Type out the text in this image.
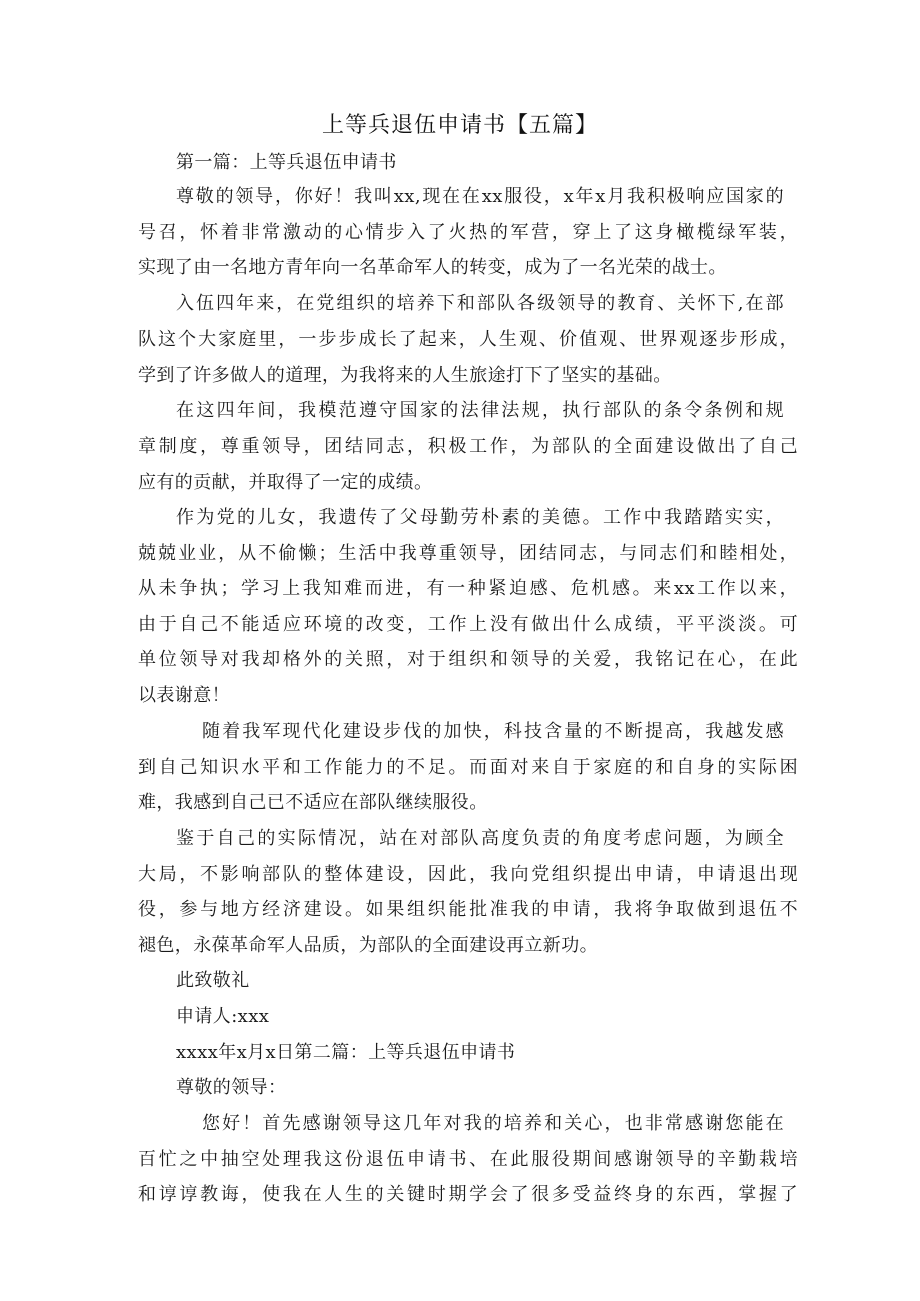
上等兵退伍申请书【五篇】
第一篇：上等兵退伍申请书
尊敬的领导，你好！我叫xx,现在在xx服役，x年x月我积极响应国家的
号召，怀着非常激动的心情步入了火热的军营，穿上了这身橄榄绿军装，
实现了由一名地方青年向一名革命军人的转变，成为了一名光荣的战士。
入伍四年来，在党组织的培养下和部队各级领导的教育、关怀下,在部
队这个大家庭里，一步步成长了起来，人生观、价值观、世界观逐步形成，
学到了许多做人的道理，为我将来的人生旅途打下了坚实的基础。
在这四年间，我模范遵守国家的法律法规，执行部队的条令条例和规
章制度，尊重领导，团结同志，积极工作，为部队的全面建设做出了自己
应有的贡献，并取得了一定的成绩。
作为党的儿女，我遗传了父母勤劳朴素的美德。工作中我踏踏实实，
兢兢业业，从不偷懒；生活中我尊重领导，团结同志，与同志们和睦相处，
从未争执；学习上我知难而进，有一种紧迫感、危机感。来xx工作以来，
由于自己不能适应环境的改变，工作上没有做出什么成绩，平平淡淡。可
单位领导对我却格外的关照，对于组织和领导的关爱，我铭记在心，在此
以表谢意！
随着我军现代化建设步伐的加快，科技含量的不断提高，我越发感
到自己知识水平和工作能力的不足。而面对来自于家庭的和自身的实际困
难，我感到自己已不适应在部队继续服役。
鉴于自己的实际情况，站在对部队高度负责的角度考虑问题，为顾全
大局，不影响部队的整体建设，因此，我向党组织提出申请，申请退出现
役，参与地方经济建设。如果组织能批准我的申请，我将争取做到退伍不
褪色，永葆革命军人品质，为部队的全面建设再立新功。
此致敬礼
申请人:xxx
xxxx年x月x日第二篇：上等兵退伍申请书
尊敬的领导：
您好！首先感谢领导这几年对我的培养和关心，也非常感谢您能在
百忙之中抽空处理我这份退伍申请书、在此服役期间感谢领导的辛勤栽培
和谆谆教诲，使我在人生的关键时期学会了很多受益终身的东西，掌握了
